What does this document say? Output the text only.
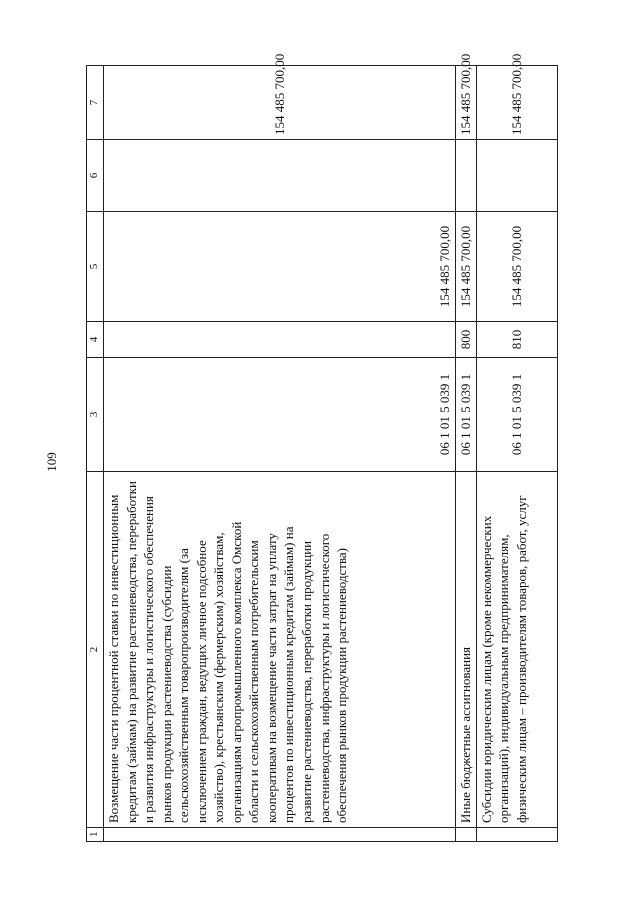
109
1	2	3	4	5	6	7
	Возмещение части процентной ставки по инвестиционным кредитам (займам) на развитие растениеводства, переработки и развития инфраструктуры и логистического обеспечения рынков продукции растениеводства (субсидии сельскохозяйственным товаропроизводителям (за исключением граждан, ведущих личное подсобное хозяйство), крестьянским (фермерским) хозяйствам, организациям агропромышленного комплекса Омской области и сельскохозяйственным потребительским кооперативам на возмещение части затрат на уплату процентов по инвестиционным кредитам (займам) на развитие растениеводства, переработки продукции растениеводства, инфраструктуры и логистического обеспечения рынков продукции растениеводства)	06 1 01 5 039 1		154 485 700,00		154 485 700,00
	Иные бюджетные ассигнования	06 1 01 5 039 1	800	154 485 700,00		154 485 700,00
	Субсидии юридическим лицам (кроме некоммерческих организаций), индивидуальным предпринимателям, физическим лицам – производителям товаров, работ, услуг	06 1 01 5 039 1	810	154 485 700,00		154 485 700,00
